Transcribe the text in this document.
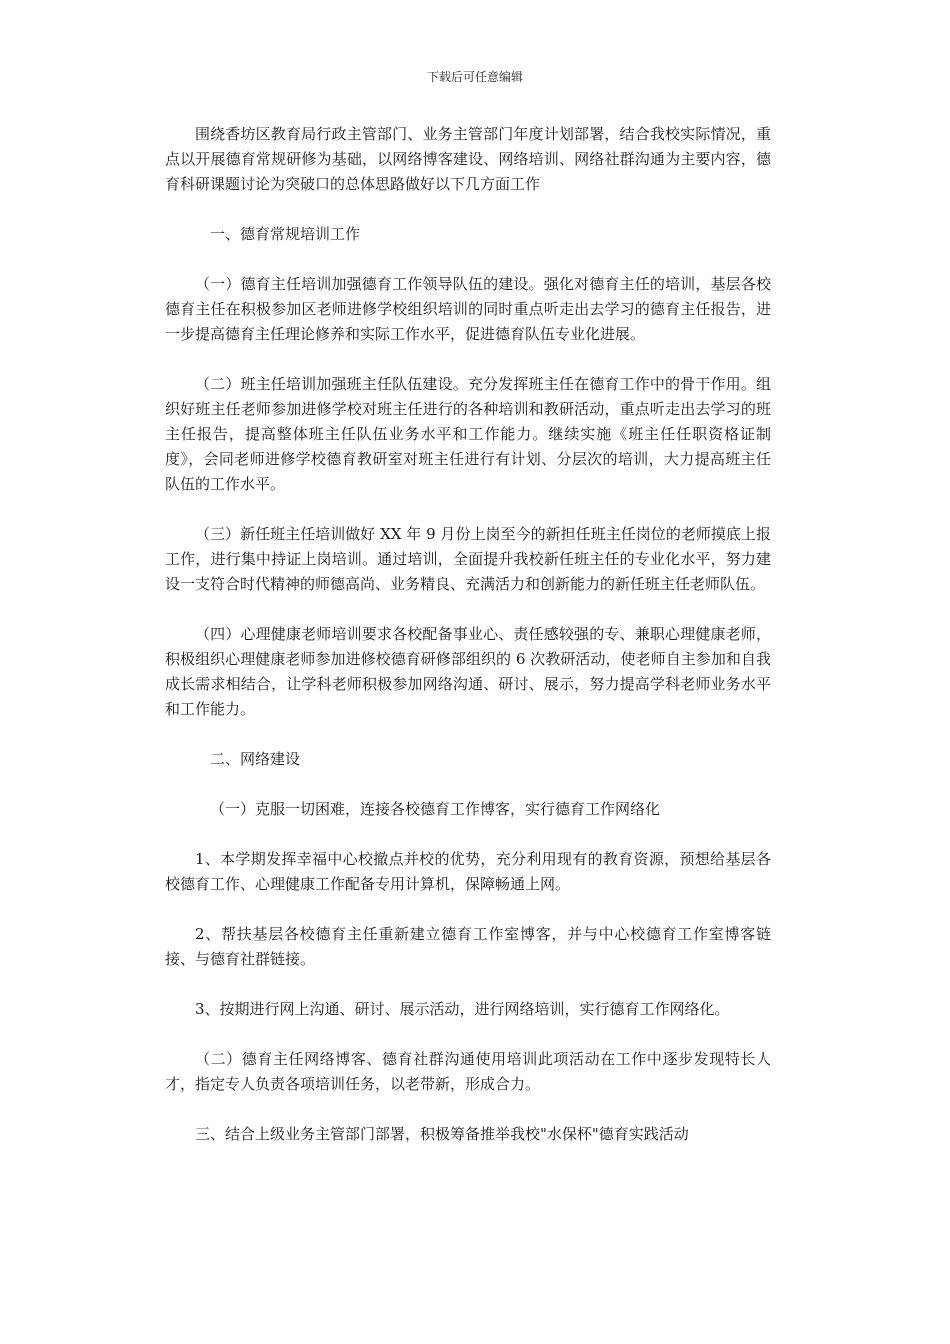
下载后可任意编辑

围绕香坊区教育局行政主管部门、业务主管部门年度计划部署，结合我校实际情况，重点以开展德育常规研修为基础，以网络博客建设、网络培训、网络社群沟通为主要内容，德育科研课题讨论为突破口的总体思路做好以下几方面工作

一、德育常规培训工作

（一）德育主任培训加强德育工作领导队伍的建设。强化对德育主任的培训，基层各校德育主任在积极参加区老师进修学校组织培训的同时重点听走出去学习的德育主任报告，进一步提高德育主任理论修养和实际工作水平，促进德育队伍专业化进展。

（二）班主任培训加强班主任队伍建设。充分发挥班主任在德育工作中的骨干作用。组织好班主任老师参加进修学校对班主任进行的各种培训和教研活动，重点听走出去学习的班主任报告，提高整体班主任队伍业务水平和工作能力。继续实施《班主任任职资格证制度》，会同老师进修学校德育教研室对班主任进行有计划、分层次的培训，大力提高班主任队伍的工作水平。

（三）新任班主任培训做好 XX 年 9 月份上岗至今的新担任班主任岗位的老师摸底上报工作，进行集中持证上岗培训。通过培训，全面提升我校新任班主任的专业化水平，努力建设一支符合时代精神的师德高尚、业务精良、充满活力和创新能力的新任班主任老师队伍。

（四）心理健康老师培训要求各校配备事业心、责任感较强的专、兼职心理健康老师，积极组织心理健康老师参加进修校德育研修部组织的 6 次教研活动，使老师自主参加和自我成长需求相结合，让学科老师积极参加网络沟通、研讨、展示，努力提高学科老师业务水平和工作能力。

二、网络建设

（一）克服一切困难，连接各校德育工作博客，实行德育工作网络化

1、本学期发挥幸福中心校撤点并校的优势，充分利用现有的教育资源，预想给基层各校德育工作、心理健康工作配备专用计算机，保障畅通上网。

2、帮扶基层各校德育主任重新建立德育工作室博客，并与中心校德育工作室博客链接、与德育社群链接。

3、按期进行网上沟通、研讨、展示活动，进行网络培训，实行德育工作网络化。

（二）德育主任网络博客、德育社群沟通使用培训此项活动在工作中逐步发现特长人才，指定专人负责各项培训任务，以老带新，形成合力。

三、结合上级业务主管部门部署，积极筹备推举我校"水保杯"德育实践活动
